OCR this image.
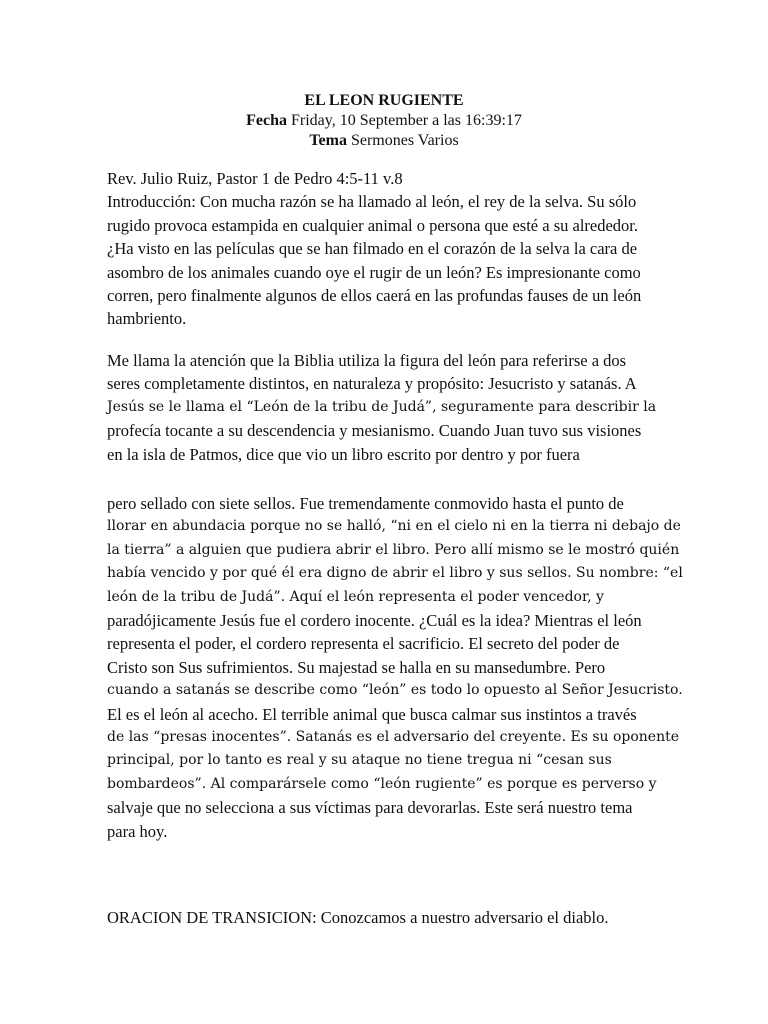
EL LEON RUGIENTE
Fecha Friday, 10 September a las 16:39:17
Tema Sermones Varios
Rev. Julio Ruiz, Pastor 1 de Pedro 4:5-11 v.8
Introducción: Con mucha razón se ha llamado al león, el rey de la selva. Su sólo
rugido provoca estampida en cualquier animal o persona que esté a su alrededor.
¿Ha visto en las películas que se han filmado en el corazón de la selva la cara de
asombro de los animales cuando oye el rugir de un león? Es impresionante como
corren, pero finalmente algunos de ellos caerá en las profundas fauses de un león
hambriento.
Me llama la atención que la Biblia utiliza la figura del león para referirse a dos
seres completamente distintos, en naturaleza y propósito: Jesucristo y satanás. A
Jesús se le llama el “León de la tribu de Judá”, seguramente para describir la
profecía tocante a su descendencia y mesianismo. Cuando Juan tuvo sus visiones
en la isla de Patmos, dice que vio un libro escrito por dentro y por fuera
pero sellado con siete sellos. Fue tremendamente conmovido hasta el punto de
llorar en abundacia porque no se halló, “ni en el cielo ni en la tierra ni debajo de
la tierra” a alguien que pudiera abrir el libro. Pero allí mismo se le mostró quién
había vencido y por qué él era digno de abrir el libro y sus sellos. Su nombre: “el
león de la tribu de Judá”. Aquí el león representa el poder vencedor, y
paradójicamente Jesús fue el cordero inocente. ¿Cuál es la idea? Mientras el león
representa el poder, el cordero representa el sacrificio. El secreto del poder de
Cristo son Sus sufrimientos. Su majestad se halla en su mansedumbre. Pero
cuando a satanás se describe como “león” es todo lo opuesto al Señor Jesucristo.
El es el león al acecho. El terrible animal que busca calmar sus instintos a través
de las “presas inocentes”. Satanás es el adversario del creyente. Es su oponente
principal, por lo tanto es real y su ataque no tiene tregua ni “cesan sus
bombardeos”. Al comparársele como “león rugiente” es porque es perverso y
salvaje que no selecciona a sus víctimas para devorarlas. Este será nuestro tema
para hoy.
ORACION DE TRANSICION: Conozcamos a nuestro adversario el diablo.
